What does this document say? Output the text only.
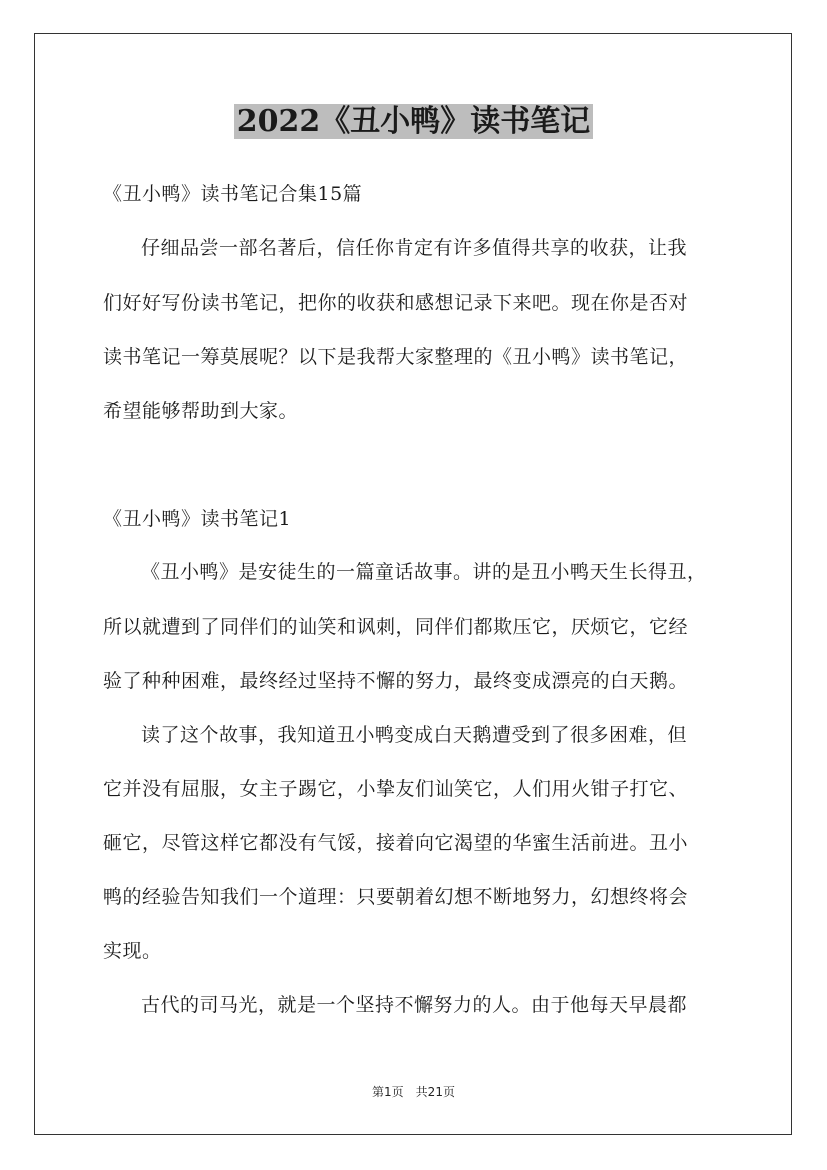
2022《丑小鸭》读书笔记
《丑小鸭》读书笔记合集15篇
仔细品尝一部名著后，信任你肯定有许多值得共享的收获，让我
们好好写份读书笔记，把你的收获和感想记录下来吧。现在你是否对
读书笔记一筹莫展呢？以下是我帮大家整理的《丑小鸭》读书笔记，
希望能够帮助到大家。
《丑小鸭》读书笔记1
《丑小鸭》是安徒生的一篇童话故事。讲的是丑小鸭天生长得丑，
所以就遭到了同伴们的讪笑和讽刺，同伴们都欺压它，厌烦它，它经
验了种种困难，最终经过坚持不懈的努力，最终变成漂亮的白天鹅。
读了这个故事，我知道丑小鸭变成白天鹅遭受到了很多困难，但
它并没有屈服，女主子踢它，小挚友们讪笑它，人们用火钳子打它、
砸它，尽管这样它都没有气馁，接着向它渴望的华蜜生活前进。丑小
鸭的经验告知我们一个道理：只要朝着幻想不断地努力，幻想终将会
实现。
古代的司马光，就是一个坚持不懈努力的人。由于他每天早晨都
第1页　共21页
